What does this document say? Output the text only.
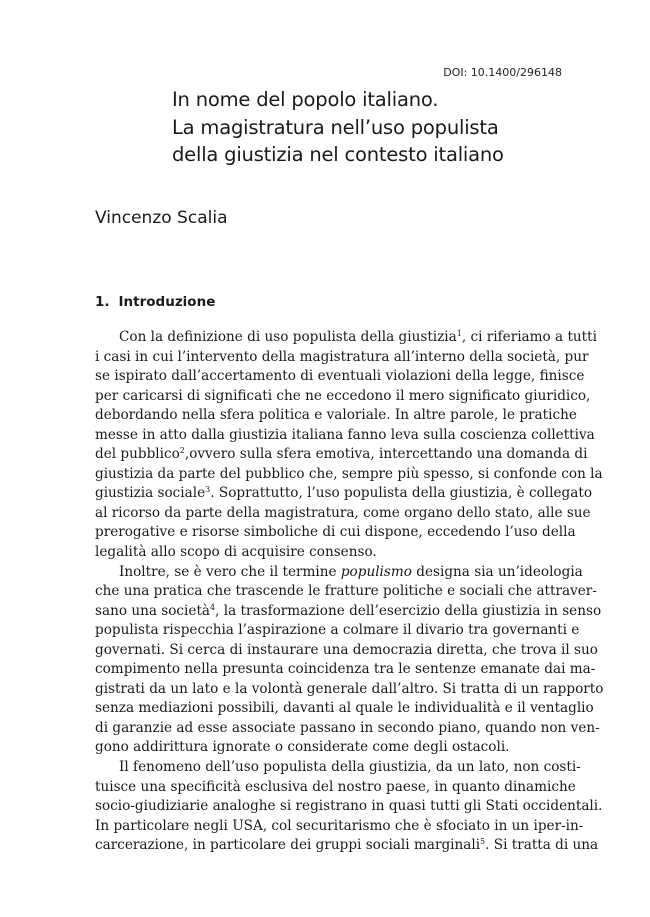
DOI: 10.1400/296148
In nome del popolo italiano.
La magistratura nell’uso populista
della giustizia nel contesto italiano
Vincenzo Scalia
1. Introduzione
Con la definizione di uso populista della giustizia$^1$, ci riferiamo a tutti
i casi in cui l’intervento della magistratura all’interno della società, pur
se ispirato dall’accertamento di eventuali violazioni della legge, finisce
per caricarsi di significati che ne eccedono il mero significato giuridico,
debordando nella sfera politica e valoriale. In altre parole, le pratiche
messe in atto dalla giustizia italiana fanno leva sulla coscienza collettiva
del pubblico$^2$,ovvero sulla sfera emotiva, intercettando una domanda di
giustizia da parte del pubblico che, sempre più spesso, si confonde con la
giustizia sociale$^3$. Soprattutto, l’uso populista della giustizia, è collegato
al ricorso da parte della magistratura, come organo dello stato, alle sue
prerogative e risorse simboliche di cui dispone, eccedendo l’uso della
legalità allo scopo di acquisire consenso.
Inoltre, se è vero che il termine populismo designa sia un’ideologia
che una pratica che trascende le fratture politiche e sociali che attraver-
sano una società$^4$, la trasformazione dell’esercizio della giustizia in senso
populista rispecchia l’aspirazione a colmare il divario tra governanti e
governati. Si cerca di instaurare una democrazia diretta, che trova il suo
compimento nella presunta coincidenza tra le sentenze emanate dai ma-
gistrati da un lato e la volontà generale dall’altro. Si tratta di un rapporto
senza mediazioni possibili, davanti al quale le individualità e il ventaglio
di garanzie ad esse associate passano in secondo piano, quando non ven-
gono addirittura ignorate o considerate come degli ostacoli.
Il fenomeno dell’uso populista della giustizia, da un lato, non costi-
tuisce una specificità esclusiva del nostro paese, in quanto dinamiche
socio-giudiziarie analoghe si registrano in quasi tutti gli Stati occidentali.
In particolare negli USA, col securitarismo che è sfociato in un iper-in-
carcerazione, in particolare dei gruppi sociali marginali$^5$. Si tratta di una
